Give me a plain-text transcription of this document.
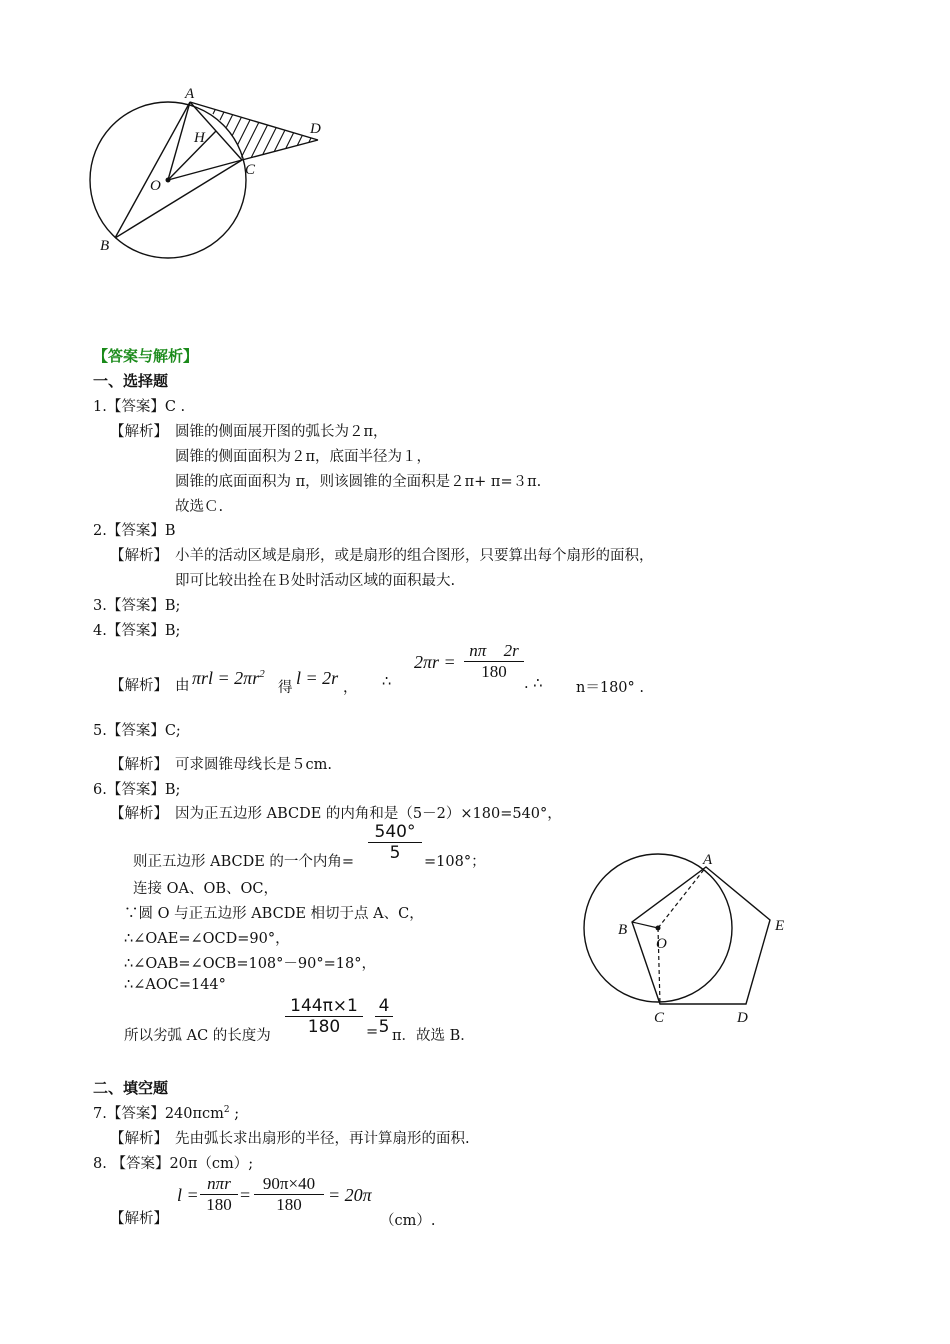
A
B
C
D
H
O
【答案与解析】
一、选择题
1.【答案】C .
【解析】 圆锥的侧面展开图的弧长为２π，
圆锥的侧面面积为２π，底面半径为１，
圆锥的底面面积为 π，则该圆锥的全面积是２π+ π=３π.
故选Ｃ.
2.【答案】B
【解析】 小羊的活动区域是扇形，或是扇形的组合图形，只要算出每个扇形的面积，
即可比较出拴在Ｂ处时活动区域的面积最大.
3.【答案】B;
4.【答案】B;
【解析】 由 $\pi rl = 2\pi r^2$
得 l = 2r ， ∴
$2\pi r = \frac{n\pi ⃞2r}{180}$
. ∴ n＝180° .
5.【答案】C;
【解析】 可求圆锥母线长是５cm.
6.【答案】B;
【解析】 因为正五边形 ABCDE 的内角和是（5－2）×180=540°，
则正五边形 ABCDE 的一个内角= $\frac{540^\circ}{5} =108^\circ$；
连接 OA、OB、OC，
∵圆 O 与正五边形 ABCDE 相切于点 A、C，
∴∠OAE=∠OCD=90°，
∴∠OAB=∠OCB=108°－90°=18°，
∴∠AOC=144°
所以劣弧 AC 的长度为 $\frac{144\pi\times 1}{180}$ =
$\frac{4}{5}$ π．故选 B．
A
B
C	D
E
O
二、填空题
7.【答案】240πcm$^2$ ;
【解析】 先由弧长求出扇形的半径，再计算扇形的面积.
8. 【答案】20π（cm）;
【解析】
l =
nπr
$180 = \frac{90\pi\times 40}{180} = 20\pi$
（cm）.
